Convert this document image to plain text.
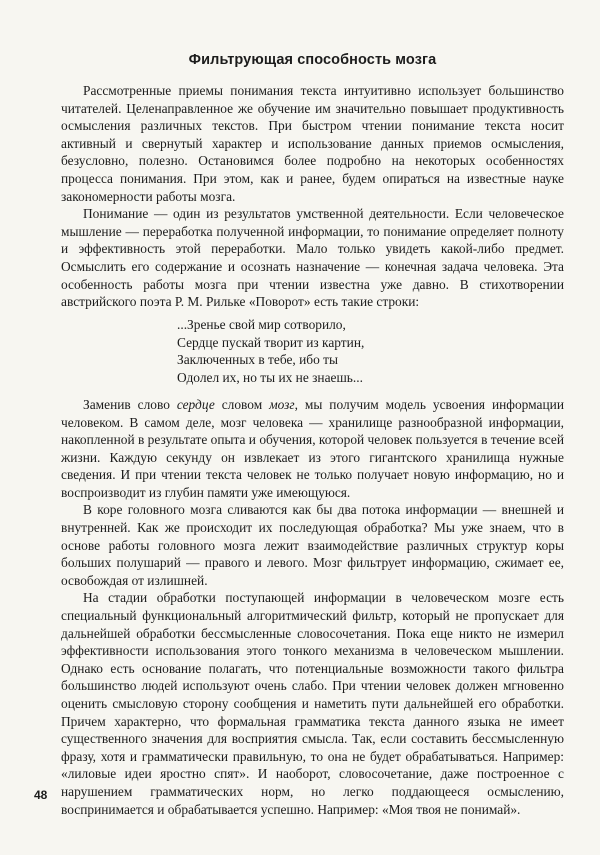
Фильтрующая способность мозга

Рассмотренные приемы понимания текста интуитивно использует большинство читателей. Целенаправленное же обучение им значительно повышает продуктивность осмысления различных текстов. При быстром чтении понимание текста носит активный и свернутый характер и использование данных приемов осмысления, безусловно, полезно. Остановимся более подробно на некоторых особенностях процесса понимания. При этом, как и ранее, будем опираться на известные науке закономерности работы мозга.

Понимание — один из результатов умственной деятельности. Если человеческое мышление — переработка полученной информации, то понимание определяет полноту и эффективность этой переработки. Мало только увидеть какой-либо предмет. Осмыслить его содержание и осознать назначение — конечная задача человека. Эта особенность работы мозга при чтении известна уже давно. В стихотворении австрийского поэта Р. М. Рильке «Поворот» есть такие строки:

...Зренье свой мир сотворило,
Сердце пускай творит из картин,
Заключенных в тебе, ибо ты
Одолел их, но ты их не знаешь...

Заменив слово сердце словом мозг, мы получим модель усвоения информации человеком. В самом деле, мозг человека — хранилище разнообразной информации, накопленной в результате опыта и обучения, которой человек пользуется в течение всей жизни. Каждую секунду он извлекает из этого гигантского хранилища нужные сведения. И при чтении текста человек не только получает новую информацию, но и воспроизводит из глубин памяти уже имеющуюся.

В коре головного мозга сливаются как бы два потока информации — внешней и внутренней. Как же происходит их последующая обработка? Мы уже знаем, что в основе работы головного мозга лежит взаимодействие различных структур коры больших полушарий — правого и левого. Мозг фильтрует информацию, сжимает ее, освобождая от излишней.

На стадии обработки поступающей информации в человеческом мозге есть специальный функциональный алгоритмический фильтр, который не пропускает для дальнейшей обработки бессмысленные словосочетания. Пока еще никто не измерил эффективности использования этого тонкого механизма в человеческом мышлении. Однако есть основание полагать, что потенциальные возможности такого фильтра большинство людей используют очень слабо. При чтении человек должен мгновенно оценить смысловую сторону сообщения и наметить пути дальнейшей его обработки. Причем характерно, что формальная грамматика текста данного языка не имеет существенного значения для восприятия смысла. Так, если составить бессмысленную фразу, хотя и грамматически правильную, то она не будет обрабатываться. Например: «лиловые идеи яростно спят». И наоборот, словосочетание, даже построенное с нарушением грамматических норм, но легко поддающееся осмыслению, воспринимается и обрабатывается успешно. Например: «Моя твоя не понимай».

48
